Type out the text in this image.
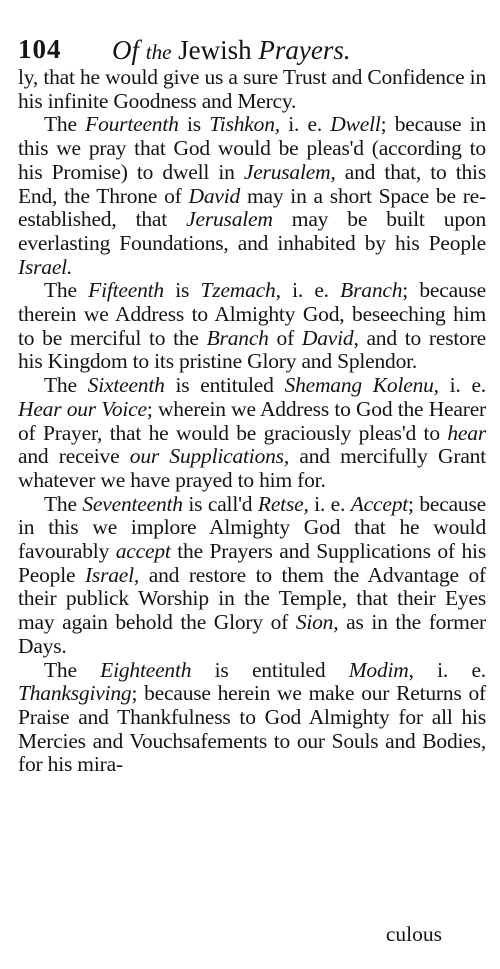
104 Of the Jewish Prayers.

ly, that he would give us a sure Trust and Confidence in his infinite Goodness and Mercy.

The Fourteenth is Tishkon, i. e. Dwell; because in this we pray that God would be pleas'd (according to his Promise) to dwell in Jerusalem, and that, to this End, the Throne of David may in a short Space be re-established, that Jerusalem may be built upon everlasting Foundations, and inhabited by his People Israel.

The Fifteenth is Tzemach, i. e. Branch; because therein we Address to Almighty God, beseeching him to be merciful to the Branch of David, and to restore his Kingdom to its pristine Glory and Splendor.

The Sixteenth is entituled Shemang Kolenu, i. e. Hear our Voice; wherein we Address to God the Hearer of Prayer, that he would be graciously pleas'd to hear and receive our Supplications, and mercifully Grant whatever we have prayed to him for.

The Seventeenth is call'd Retse, i. e. Accept; because in this we implore Almighty God that he would favourably accept the Prayers and Supplications of his People Israel, and restore to them the Advantage of their publick Worship in the Temple, that their Eyes may again behold the Glory of Sion, as in the former Days.

The Eighteenth is entituled Modim, i. e. Thanksgiving; because herein we make our Returns of Praise and Thankfulness to God Almighty for all his Mercies and Vouchsafements to our Souls and Bodies, for his mira-

culous
